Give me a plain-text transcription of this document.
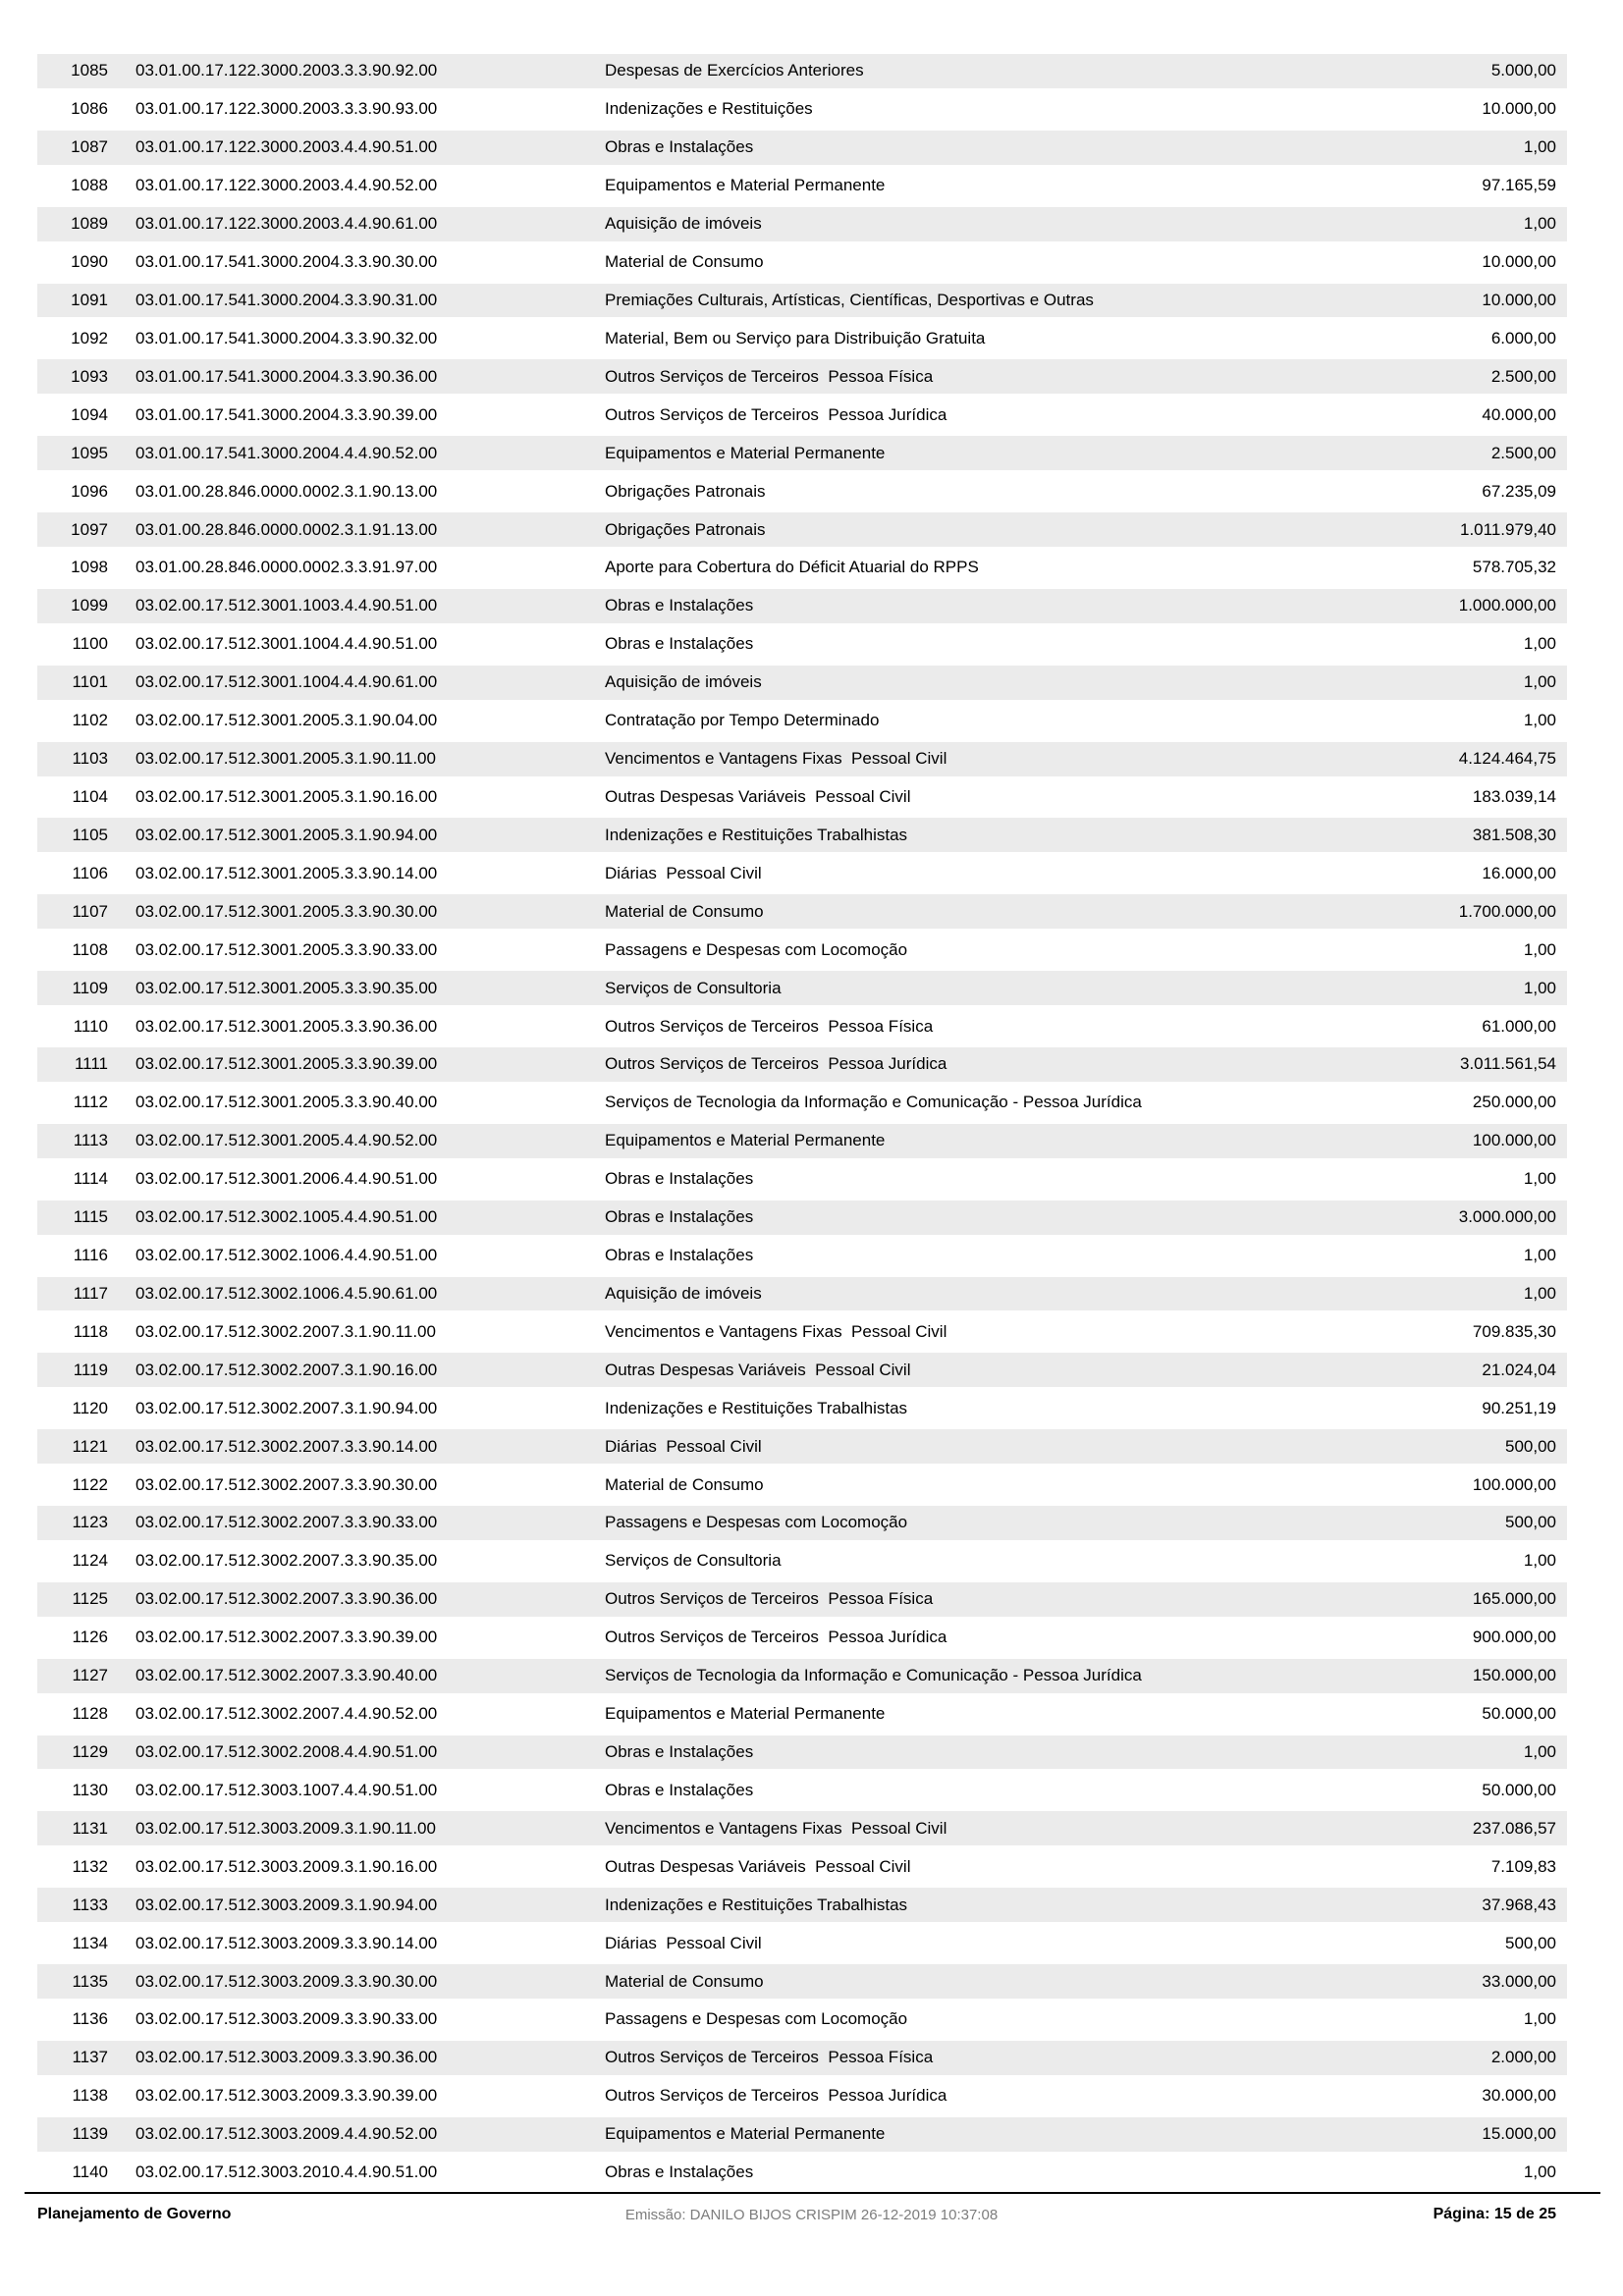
1085 03.01.00.17.122.3000.2003.3.3.90.92.00	Despesas de Exercícios Anteriores	5.000,00
1086 03.01.00.17.122.3000.2003.3.3.90.93.00	Indenizações e Restituições	10.000,00
1087 03.01.00.17.122.3000.2003.4.4.90.51.00	Obras e Instalações	1,00
1088 03.01.00.17.122.3000.2003.4.4.90.52.00	Equipamentos e Material Permanente	97.165,59
1089 03.01.00.17.122.3000.2003.4.4.90.61.00	Aquisição de imóveis	1,00
1090 03.01.00.17.541.3000.2004.3.3.90.30.00	Material de Consumo	10.000,00
1091 03.01.00.17.541.3000.2004.3.3.90.31.00	Premiações Culturais, Artísticas, Científicas, Desportivas e Outras	10.000,00
1092 03.01.00.17.541.3000.2004.3.3.90.32.00	Material, Bem ou Serviço para Distribuição Gratuita	6.000,00
1093 03.01.00.17.541.3000.2004.3.3.90.36.00	Outros Serviços de Terceiros  Pessoa Física	2.500,00
1094 03.01.00.17.541.3000.2004.3.3.90.39.00	Outros Serviços de Terceiros  Pessoa Jurídica	40.000,00
1095 03.01.00.17.541.3000.2004.4.4.90.52.00	Equipamentos e Material Permanente	2.500,00
1096 03.01.00.28.846.0000.0002.3.1.90.13.00	Obrigações Patronais	67.235,09
1097 03.01.00.28.846.0000.0002.3.1.91.13.00	Obrigações Patronais	1.011.979,40
1098 03.01.00.28.846.0000.0002.3.3.91.97.00	Aporte para Cobertura do Déficit Atuarial do RPPS	578.705,32
1099 03.02.00.17.512.3001.1003.4.4.90.51.00	Obras e Instalações	1.000.000,00
1100 03.02.00.17.512.3001.1004.4.4.90.51.00	Obras e Instalações	1,00
1101 03.02.00.17.512.3001.1004.4.4.90.61.00	Aquisição de imóveis	1,00
1102 03.02.00.17.512.3001.2005.3.1.90.04.00	Contratação por Tempo Determinado	1,00
1103 03.02.00.17.512.3001.2005.3.1.90.11.00	Vencimentos e Vantagens Fixas  Pessoal Civil	4.124.464,75
1104 03.02.00.17.512.3001.2005.3.1.90.16.00	Outras Despesas Variáveis  Pessoal Civil	183.039,14
1105 03.02.00.17.512.3001.2005.3.1.90.94.00	Indenizações e Restituições Trabalhistas	381.508,30
1106 03.02.00.17.512.3001.2005.3.3.90.14.00	Diárias  Pessoal Civil	16.000,00
1107 03.02.00.17.512.3001.2005.3.3.90.30.00	Material de Consumo	1.700.000,00
1108 03.02.00.17.512.3001.2005.3.3.90.33.00	Passagens e Despesas com Locomoção	1,00
1109 03.02.00.17.512.3001.2005.3.3.90.35.00	Serviços de Consultoria	1,00
1110 03.02.00.17.512.3001.2005.3.3.90.36.00	Outros Serviços de Terceiros  Pessoa Física	61.000,00
1111 03.02.00.17.512.3001.2005.3.3.90.39.00	Outros Serviços de Terceiros  Pessoa Jurídica	3.011.561,54
1112 03.02.00.17.512.3001.2005.3.3.90.40.00	Serviços de Tecnologia da Informação e Comunicação - Pessoa Jurídica	250.000,00
1113 03.02.00.17.512.3001.2005.4.4.90.52.00	Equipamentos e Material Permanente	100.000,00
1114 03.02.00.17.512.3001.2006.4.4.90.51.00	Obras e Instalações	1,00
1115 03.02.00.17.512.3002.1005.4.4.90.51.00	Obras e Instalações	3.000.000,00
1116 03.02.00.17.512.3002.1006.4.4.90.51.00	Obras e Instalações	1,00
1117 03.02.00.17.512.3002.1006.4.5.90.61.00	Aquisição de imóveis	1,00
1118 03.02.00.17.512.3002.2007.3.1.90.11.00	Vencimentos e Vantagens Fixas  Pessoal Civil	709.835,30
1119 03.02.00.17.512.3002.2007.3.1.90.16.00	Outras Despesas Variáveis  Pessoal Civil	21.024,04
1120 03.02.00.17.512.3002.2007.3.1.90.94.00	Indenizações e Restituições Trabalhistas	90.251,19
1121 03.02.00.17.512.3002.2007.3.3.90.14.00	Diárias  Pessoal Civil	500,00
1122 03.02.00.17.512.3002.2007.3.3.90.30.00	Material de Consumo	100.000,00
1123 03.02.00.17.512.3002.2007.3.3.90.33.00	Passagens e Despesas com Locomoção	500,00
1124 03.02.00.17.512.3002.2007.3.3.90.35.00	Serviços de Consultoria	1,00
1125 03.02.00.17.512.3002.2007.3.3.90.36.00	Outros Serviços de Terceiros  Pessoa Física	165.000,00
1126 03.02.00.17.512.3002.2007.3.3.90.39.00	Outros Serviços de Terceiros  Pessoa Jurídica	900.000,00
1127 03.02.00.17.512.3002.2007.3.3.90.40.00	Serviços de Tecnologia da Informação e Comunicação - Pessoa Jurídica	150.000,00
1128 03.02.00.17.512.3002.2007.4.4.90.52.00	Equipamentos e Material Permanente	50.000,00
1129 03.02.00.17.512.3002.2008.4.4.90.51.00	Obras e Instalações	1,00
1130 03.02.00.17.512.3003.1007.4.4.90.51.00	Obras e Instalações	50.000,00
1131 03.02.00.17.512.3003.2009.3.1.90.11.00	Vencimentos e Vantagens Fixas  Pessoal Civil	237.086,57
1132 03.02.00.17.512.3003.2009.3.1.90.16.00	Outras Despesas Variáveis  Pessoal Civil	7.109,83
1133 03.02.00.17.512.3003.2009.3.1.90.94.00	Indenizações e Restituições Trabalhistas	37.968,43
1134 03.02.00.17.512.3003.2009.3.3.90.14.00	Diárias  Pessoal Civil	500,00
1135 03.02.00.17.512.3003.2009.3.3.90.30.00	Material de Consumo	33.000,00
1136 03.02.00.17.512.3003.2009.3.3.90.33.00	Passagens e Despesas com Locomoção	1,00
1137 03.02.00.17.512.3003.2009.3.3.90.36.00	Outros Serviços de Terceiros  Pessoa Física	2.000,00
1138 03.02.00.17.512.3003.2009.3.3.90.39.00	Outros Serviços de Terceiros  Pessoa Jurídica	30.000,00
1139 03.02.00.17.512.3003.2009.4.4.90.52.00	Equipamentos e Material Permanente	15.000,00
1140 03.02.00.17.512.3003.2010.4.4.90.51.00	Obras e Instalações	1,00
Planejamento de Governo	Emissão: DANILO BIJOS CRISPIM 26-12-2019 10:37:08	Página: 15 de 25
